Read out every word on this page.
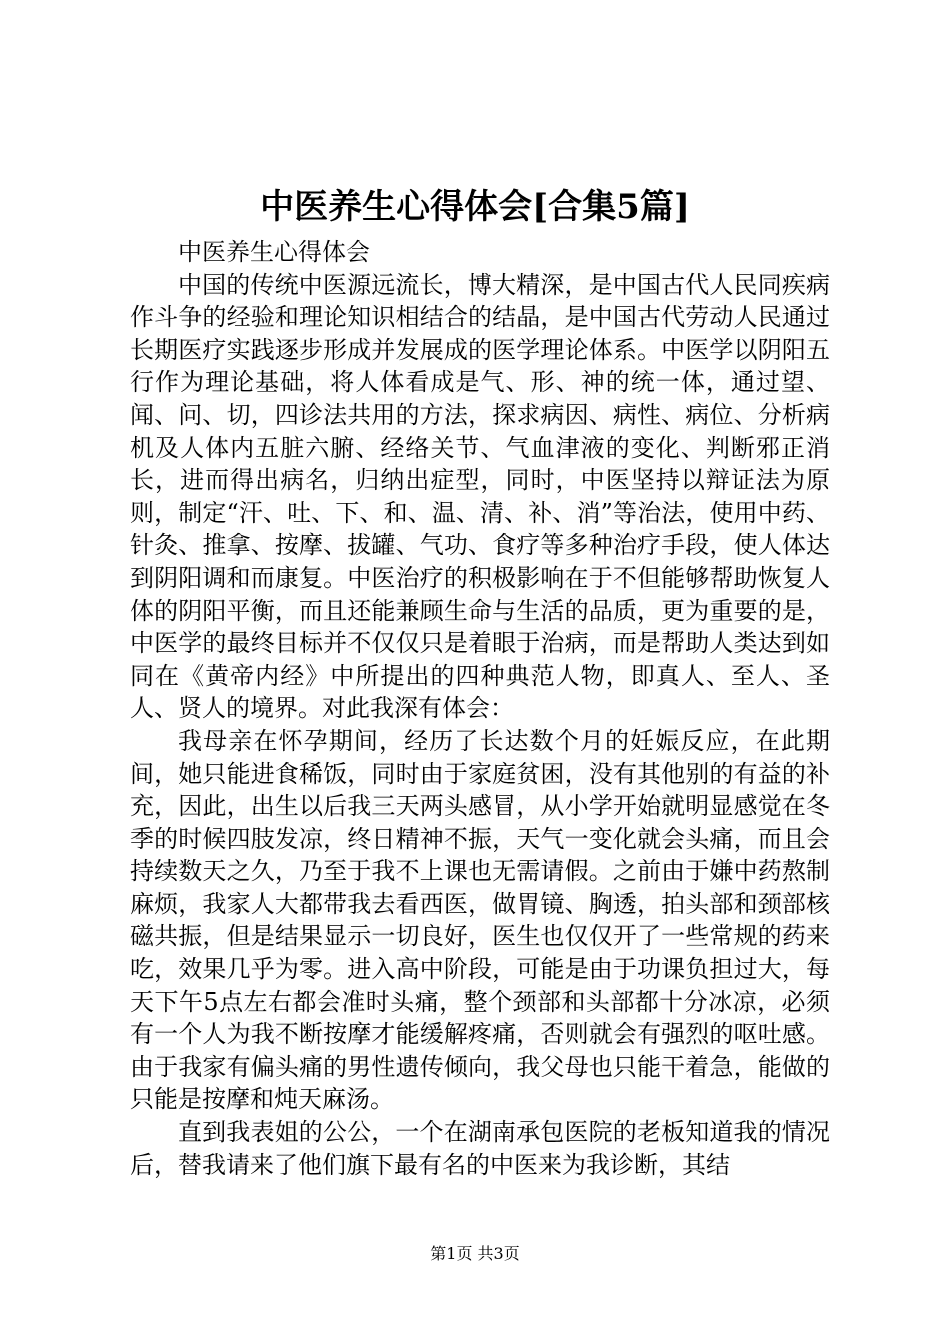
中医养生心得体会[合集5篇]

中医养生心得体会

中国的传统中医源远流长，博大精深，是中国古代人民同疾病作斗争的经验和理论知识相结合的结晶，是中国古代劳动人民通过长期医疗实践逐步形成并发展成的医学理论体系。中医学以阴阳五行作为理论基础，将人体看成是气、形、神的统一体，通过望、闻、问、切，四诊法共用的方法，探求病因、病性、病位、分析病机及人体内五脏六腑、经络关节、气血津液的变化、判断邪正消长，进而得出病名，归纳出症型，同时，中医坚持以辩证法为原则，制定“汗、吐、下、和、温、清、补、消”等治法，使用中药、针灸、推拿、按摩、拔罐、气功、食疗等多种治疗手段，使人体达到阴阳调和而康复。中医治疗的积极影响在于不但能够帮助恢复人体的阴阳平衡，而且还能兼顾生命与生活的品质，更为重要的是，中医学的最终目标并不仅仅只是着眼于治病，而是帮助人类达到如同在《黄帝内经》中所提出的四种典范人物，即真人、至人、圣人、贤人的境界。对此我深有体会：

我母亲在怀孕期间，经历了长达数个月的妊娠反应，在此期间，她只能进食稀饭，同时由于家庭贫困，没有其他别的有益的补充，因此，出生以后我三天两头感冒，从小学开始就明显感觉在冬季的时候四肢发凉，终日精神不振，天气一变化就会头痛，而且会持续数天之久，乃至于我不上课也无需请假。之前由于嫌中药熬制麻烦，我家人大都带我去看西医，做胃镜、胸透，拍头部和颈部核磁共振，但是结果显示一切良好，医生也仅仅开了一些常规的药来吃，效果几乎为零。进入高中阶段，可能是由于功课负担过大，每天下午5点左右都会准时头痛，整个颈部和头部都十分冰凉，必须有一个人为我不断按摩才能缓解疼痛，否则就会有强烈的呕吐感。由于我家有偏头痛的男性遗传倾向，我父母也只能干着急，能做的只能是按摩和炖天麻汤。

直到我表姐的公公，一个在湖南承包医院的老板知道我的情况后，替我请来了他们旗下最有名的中医来为我诊断，其结

第1页 共3页
